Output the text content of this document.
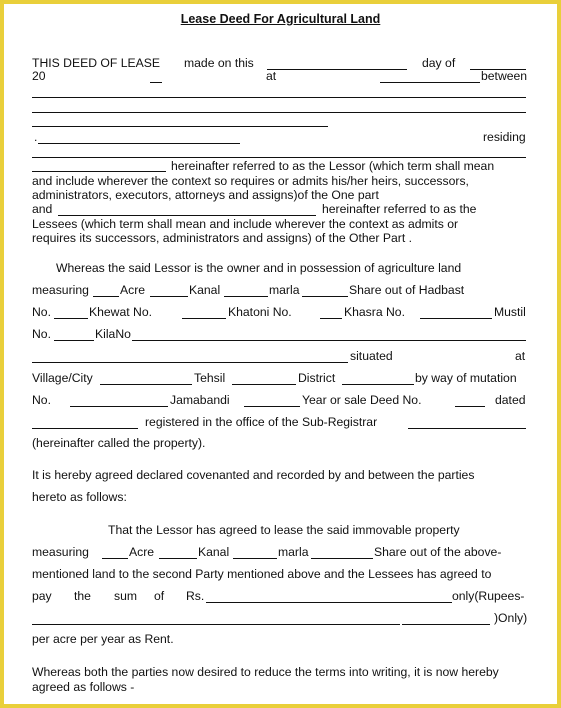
Lease Deed For Agricultural Land
THIS DEED OF LEASE made on this	day of
20	at	between
.	residing
hereinafter referred to as the Lessor (which term shall mean
and include wherever the context so requires or admits his/her heirs, successors,
administrators, executors, attorneys and assigns)of the One part
and	hereinafter referred to as the
Lessees (which term shall mean and include wherever the context as admits or
requires its successors, administrators and assigns) of the Other Part .
Whereas the said Lessor is the owner and in possession of agriculture land
measuring	Acre	Kanal	marla	Share out of Hadbast
No.	Khewat No.	Khatoni No.	Khasra No.	Mustil
No.	KilaNo
situated	at
Village/City	Tehsil	District	by way of mutation
No.	Jamabandi	Year or sale Deed No.	dated
registered in the office of the Sub-Registrar
(hereinafter called the property).
It is hereby agreed declared covenanted and recorded by and between the parties
hereto as follows:
That the Lessor has agreed to lease the said immovable property
measuring	Acre	Kanal	marla	Share out of the above-
mentioned land to the second Party mentioned above and the Lessees has agreed to
pay the sum of Rs.	only(Rupees-
)Only)
per acre per year as Rent.
Whereas both the parties now desired to reduce the terms into writing, it is now hereby
agreed as follows -
